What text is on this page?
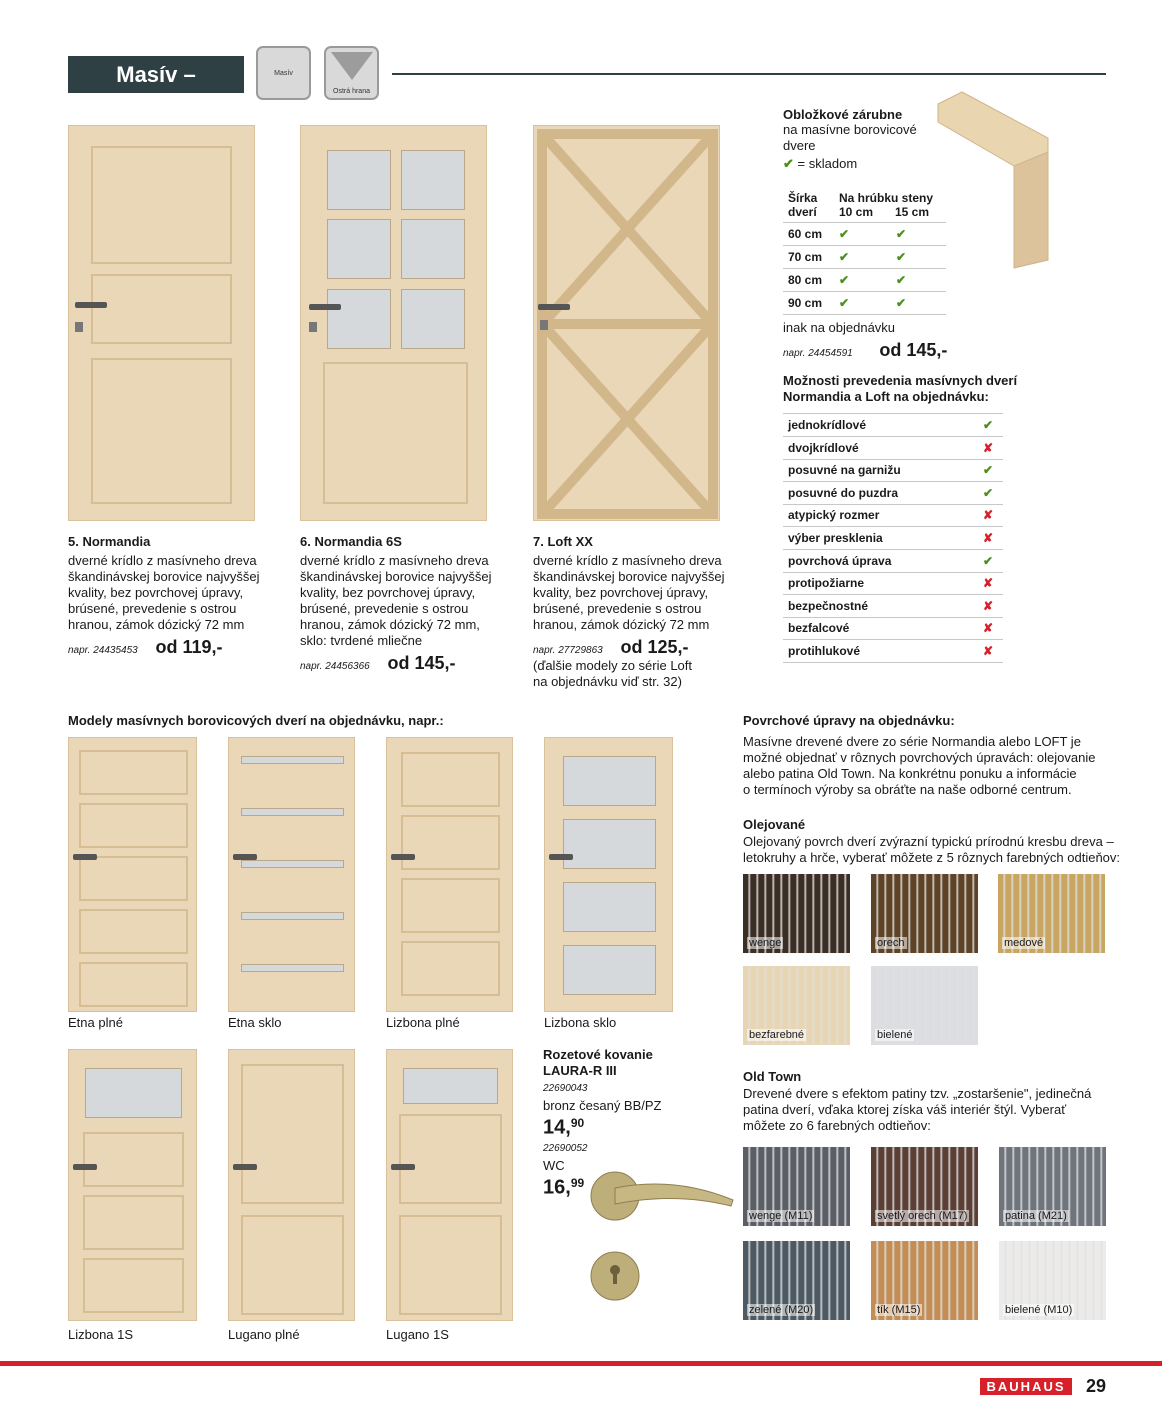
Masív – borovica
Masív
Ostrá hrana
5. Normandia
dverné krídlo z masívneho dreva
škandinávskej borovice najvyššej
kvality, bez povrchovej úpravy,
brúsené, prevedenie s ostrou
hranou, zámok dózický 72 mm
napr. 24435453 od 119,-
6. Normandia 6S
dverné krídlo z masívneho dreva
škandinávskej borovice najvyššej
kvality, bez povrchovej úpravy,
brúsené, prevedenie s ostrou
hranou, zámok dózický 72 mm,
sklo: tvrdené mliečne
napr. 24456366 od 145,-
7. Loft XX
dverné krídlo z masívneho dreva
škandinávskej borovice najvyššej
kvality, bez povrchovej úpravy,
brúsené, prevedenie s ostrou
hranou, zámok dózický 72 mm
napr. 27729863 od 125,-
(ďalšie modely zo série Loft
na objednávku viď str. 32)
Obložkové zárubne
na masívne borovicové
dvere
✔ = skladom
Šírka
dverí
Na hrúbku steny
10 cm 15 cm
60 cm ✔	✔
70 cm ✔	✔
80 cm ✔	✔
90 cm ✔	✔
inak na objednávku
napr. 24454591 od 145,-
Možnosti prevedenia masívnych dverí
Normandia a Loft na objednávku:
jednokrídlové	✔
dvojkrídlové	✘
posuvné na garnižu	✔
posuvné do puzdra	✔
atypický rozmer	✘
výber presklenia	✘
povrchová úprava	✔
protipožiarne	✘
bezpečnostné	✘
bezfalcové	✘
protihlukové	✘
Modely masívnych borovicových dverí na objednávku, napr.:
Etna plné	Etna sklo	Lizbona plné	Lizbona sklo
Lizbona 1S	Lugano plné	Lugano 1S
Rozetové kovanie
LAURA-R III
22690043
bronz česaný BB/PZ
14,90
22690052
WC
16,99
Povrchové úpravy na objednávku:
Masívne drevené dvere zo série Normandia alebo LOFT je
možné objednať v rôznych povrchových úpravách: olejovanie
alebo patina Old Town. Na konkrétnu ponuku a informácie
o termínoch výroby sa obráťte na naše odborné centrum.
Olejované
Olejovaný povrch dverí zvýrazní typickú prírodnú kresbu dreva –
letokruhy a hrče, vyberať môžete z 5 rôznych farebných odtieňov:
wenge	orech	medové
bezfarebné	bielené
Old Town
Drevené dvere s efektom patiny tzv. „zostaršenie", jedinečná
patina dverí, vďaka ktorej získa váš interiér štýl. Vyberať
môžete zo 6 farebných odtieňov:
wenge (M11)	svetlý orech (M17)	patina (M21)
zelené (M20)	tík (M15)	bielené (M10)
BAUHAUS	29
